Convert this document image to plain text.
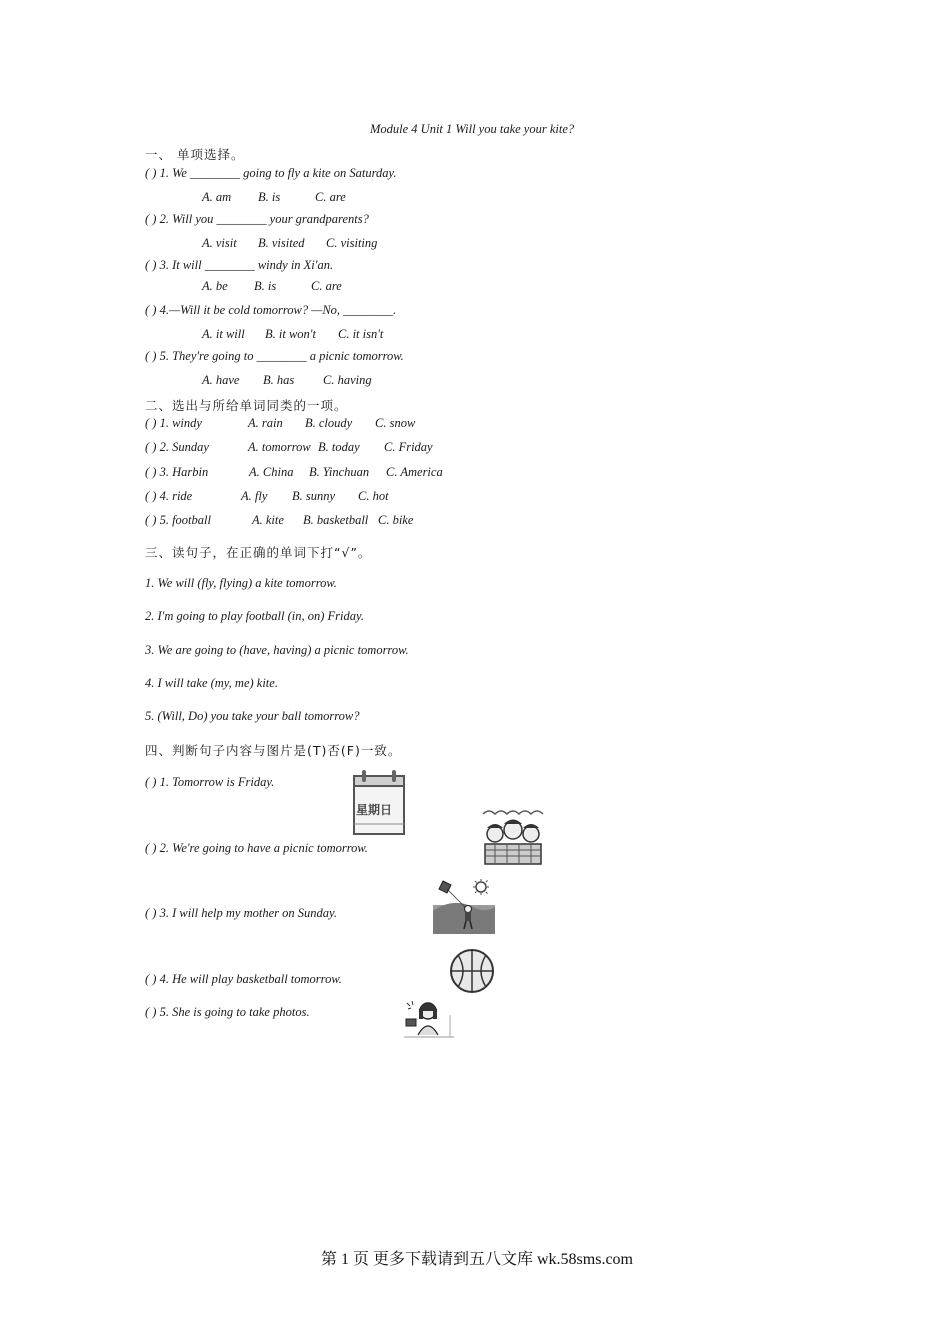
Module 4 Unit 1 Will you take your kite?
一、 单项选择。
( ) 1. We ________ going to fly a kite on Saturday.
A. am B. is	C. are
( ) 2. Will you ________ your grandparents?
A. visit B. visited C. visiting
( ) 3. It will ________ windy in Xi'an.
A. be B. is	C. are
( ) 4.—Will it be cold tomorrow? —No, ________.
A. it will B. it won't C. it isn't
( ) 5. They're going to ________ a picnic tomorrow.
A. have B. has C. having
二、选出与所给单词同类的一项。
( ) 1. windy	A. rain B. cloudy C. snow
( ) 2. Sunday	A. tomorrow B. today C. Friday
( ) 3. Harbin	A. China B. Yinchuan C. America
( ) 4. ride	A. fly B. sunny C. hot
( ) 5. football	A. kite B. basketball C. bike
三、读句子，在正确的单词下打“√”。
1. We will (fly, flying) a kite tomorrow.
2. I'm going to play football (in, on) Friday.
3. We are going to (have, having) a picnic tomorrow.
4. I will take (my, me) kite.
5. (Will, Do) you take your ball tomorrow?
四、判断句子内容与图片是(T)否(F)一致。
( ) 1. Tomorrow is Friday.
( ) 2. We're going to have a picnic tomorrow.
( ) 3. I will help my mother on Sunday.
( ) 4. He will play basketball tomorrow.
( ) 5. She is going to take photos.
星期日
第 1 页 更多下载请到五八文库 wk.58sms.com
